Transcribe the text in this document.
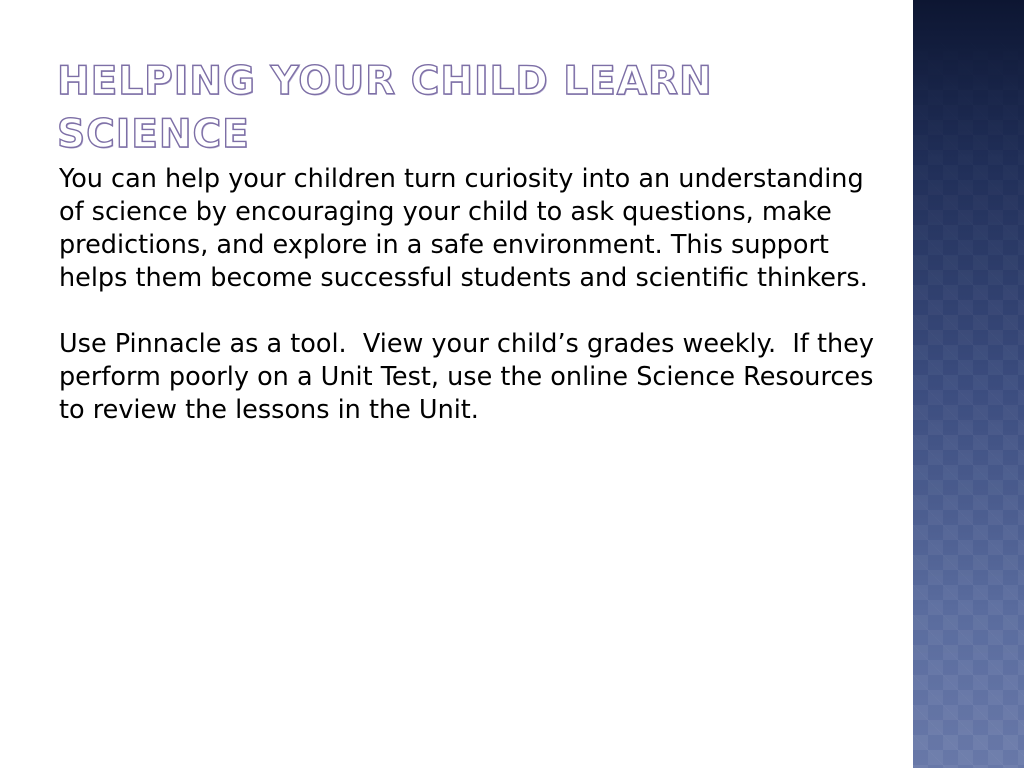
HELPING YOUR CHILD LEARN SCIENCE

You can help your children turn curiosity into an understanding of science by encouraging your child to ask questions, make predictions, and explore in a safe environment. This support helps them become successful students and scientific thinkers.

Use Pinnacle as a tool.  View your child’s grades weekly.  If they perform poorly on a Unit Test, use the online Science Resources to review the lessons in the Unit.
